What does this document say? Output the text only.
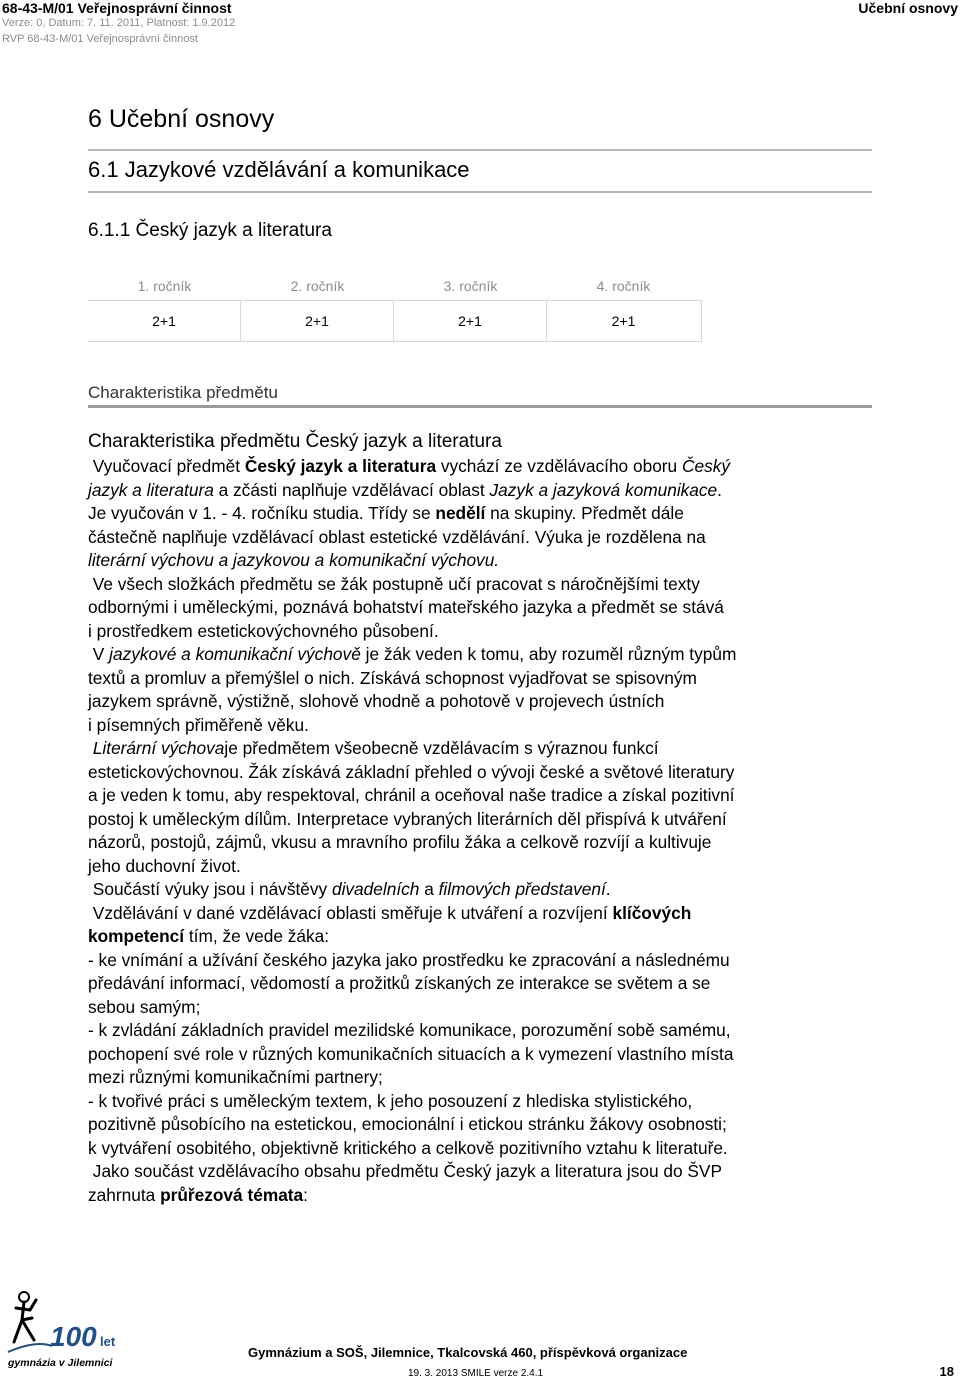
68-43-M/01 Veřejnosprávní činnost
Verze: 0, Datum: 7. 11. 2011, Platnost: 1.9.2012
RVP 68-43-M/01 Veřejnosprávní činnost
Učební osnovy
6 Učební osnovy
6.1 Jazykové vzdělávání a komunikace
6.1.1 Český jazyk a literatura
1. ročník	2. ročník	3. ročník	4. ročník
2+1	2+1	2+1	2+1
Charakteristika předmětu
Charakteristika předmětu Český jazyk a literatura

Vyučovací předmět Český jazyk a literatura vychází ze vzdělávacího oboru Český

jazyk a literatura a zčásti naplňuje vzdělávací oblast Jazyk a jazyková komunikace.

Je vyučován v 1. - 4. ročníku studia. Třídy se nedělí na skupiny. Předmět dále

částečně naplňuje vzdělávací oblast estetické vzdělávání. Výuka je rozdělena na

literární výchovu a jazykovou a komunikační výchovu.

Ve všech složkách předmětu se žák postupně učí pracovat s náročnějšími texty

odbornými i uměleckými, poznává bohatství mateřského jazyka a předmět se stává

i prostředkem estetickovýchovného působení.

V jazykové a komunikační výchově je žák veden k tomu, aby rozuměl různým typům

textů a promluv a přemýšlel o nich. Získává schopnost vyjadřovat se spisovným

jazykem správně, výstižně, slohově vhodně a pohotově v projevech ústních

i písemných přiměřeně věku.

Literární výchovaje předmětem všeobecně vzdělávacím s výraznou funkcí

estetickovýchovnou. Žák získává základní přehled o vývoji české a světové literatury

a je veden k tomu, aby respektoval, chránil a oceňoval naše tradice a získal pozitivní

postoj k uměleckým dílům. Interpretace vybraných literárních děl přispívá k utváření

názorů, postojů, zájmů, vkusu a mravního profilu žáka a celkově rozvíjí a kultivuje

jeho duchovní život.

Součástí výuky jsou i návštěvy divadelních a filmových představení.

Vzdělávání v dané vzdělávací oblasti směřuje k utváření a rozvíjení klíčových

kompetencí tím, že vede žáka:

- ke vnímání a užívání českého jazyka jako prostředku ke zpracování a následnému

předávání informací, vědomostí a prožitků získaných ze interakce se světem a se

sebou samým;

- k zvládání základních pravidel mezilidské komunikace, porozumění sobě samému,

pochopení své role v různých komunikačních situacích a k vymezení vlastního místa

mezi různými komunikačními partnery;

- k tvořivé práci s uměleckým textem, k jeho posouzení z hlediska stylistického,

pozitivně působícího na estetickou, emocionální i etickou stránku žákovy osobnosti;

k vytváření osobitého, objektivně kritického a celkově pozitivního vztahu k literatuře.

Jako součást vzdělávacího obsahu předmětu Český jazyk a literatura jsou do ŠVP

zahrnuta průřezová témata:

100 let
gymnázia v Jilemnici
Gymnázium a SOŠ, Jilemnice, Tkalcovská 460, příspěvková organizace
19. 3. 2013 SMILE verze 2.4.1	18
